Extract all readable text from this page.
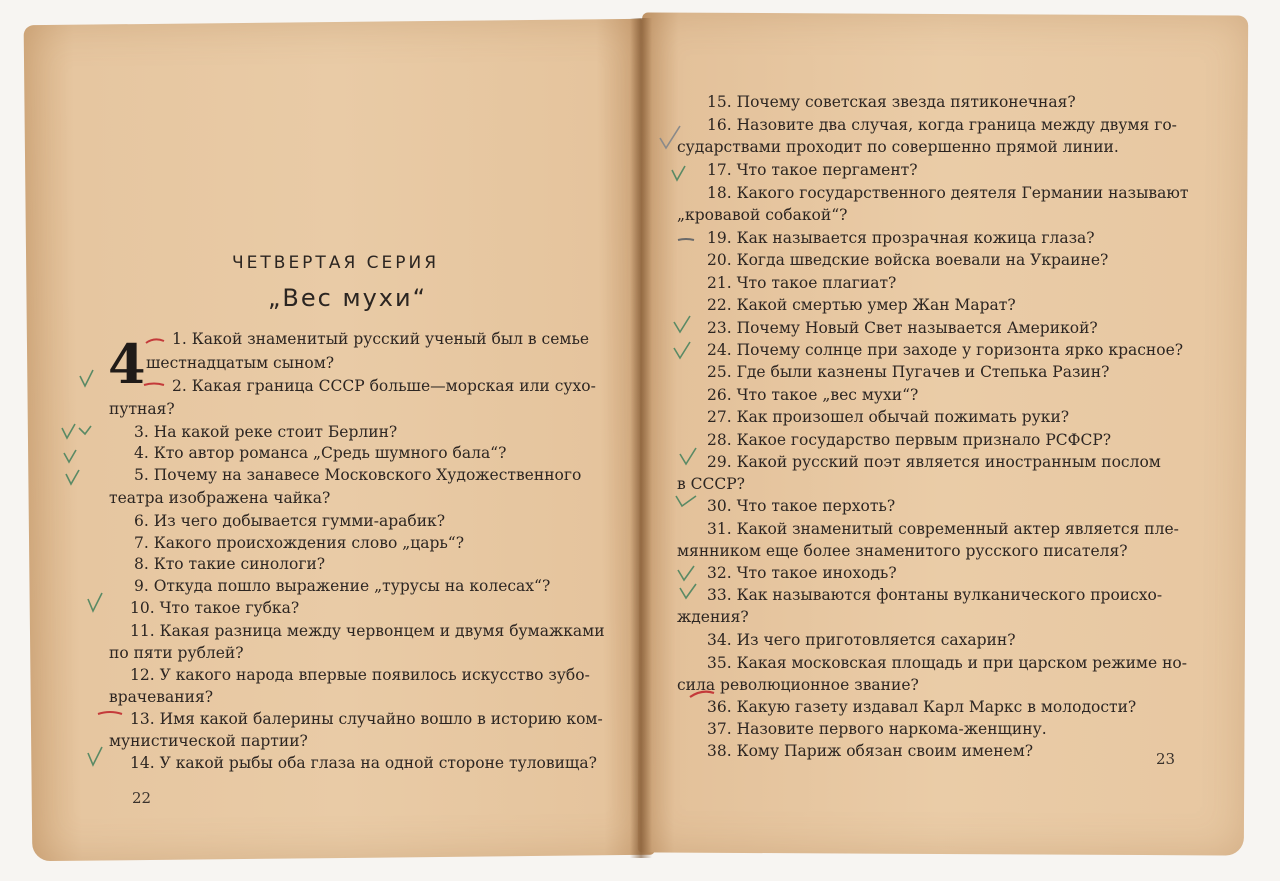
ЧЕТВЕРТАЯ СЕРИЯ
„Вес мухи“
4 1. Какой знаменитый русский ученый был в семье
шестнадцатым сыном?
2. Какая граница СССР больше—морская или сухо-
путная?
3. На какой реке стоит Берлин?
4. Кто автор романса „Средь шумного бала“?
5. Почему на занавесе Московского Художественного
театра изображена чайка?
6. Из чего добывается гумми-арабик?
7. Какого происхождения слово „царь“?
8. Кто такие синологи?
9. Откуда пошло выражение „турусы на колесах“?
10. Что такое губка?
11. Какая разница между червонцем и двумя бумажками
по пяти рублей?
12. У какого народа впервые появилось искусство зубо-
врачевания?
13. Имя какой балерины случайно вошло в историю ком-
мунистической партии?
14. У какой рыбы оба глаза на одной стороне туловища?
22
15. Почему советская звезда пятиконечная?
16. Назовите два случая, когда граница между двумя го-
сударствами проходит по совершенно прямой линии.
17. Что такое пергамент?
18. Какого государственного деятеля Германии называют
„кровавой собакой“?
19. Как называется прозрачная кожица глаза?
20. Когда шведские войска воевали на Украине?
21. Что такое плагиат?
22. Какой смертью умер Жан Марат?
23. Почему Новый Свет называется Америкой?
24. Почему солнце при заходе у горизонта ярко красное?
25. Где были казнены Пугачев и Степька Разин?
26. Что такое „вес мухи“?
27. Как произошел обычай пожимать руки?
28. Какое государство первым признало РСФСР?
29. Какой русский поэт является иностранным послом
в СССР?
30. Что такое перхоть?
31. Какой знаменитый современный актер является пле-
мянником еще более знаменитого русского писателя?
32. Что такое иноходь?
33. Как называются фонтаны вулканического происхо-
ждения?
34. Из чего приготовляется сахарин?
35. Какая московская площадь и при царском режиме но-
сила революционное звание?
36. Какую газету издавал Карл Маркс в молодости?
37. Назовите первого наркома-женщину.
38. Кому Париж обязан своим именем?	23
